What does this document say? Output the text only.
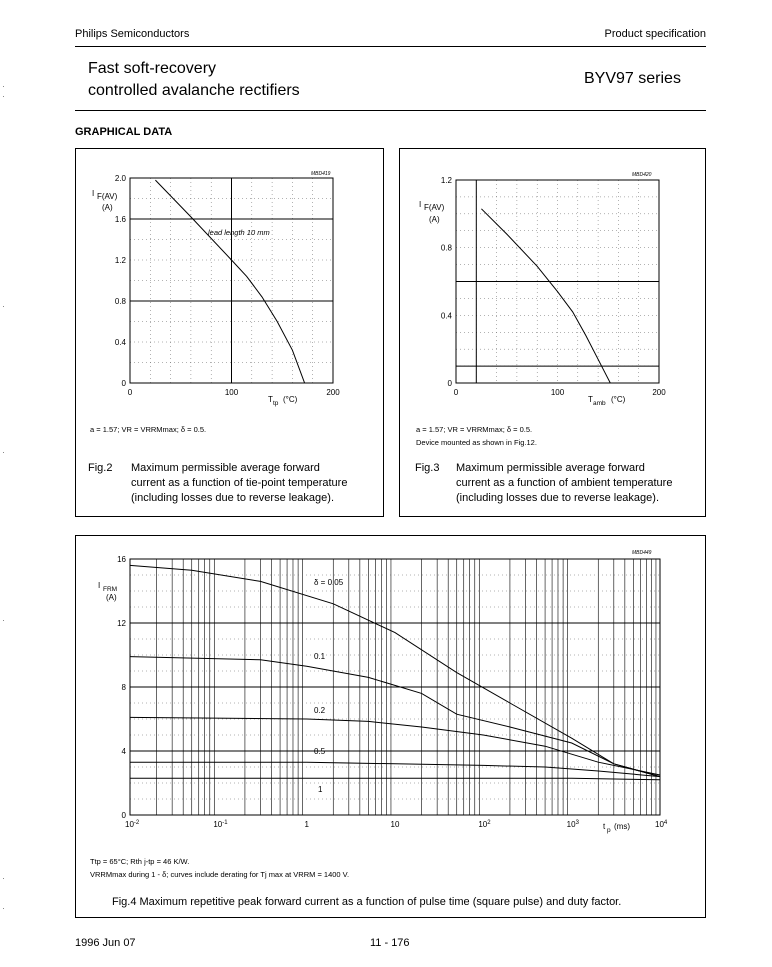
Philips Semiconductors	Product specification
Fast soft-recovery
controlled avalanche rectifiers
BYV97 series
GRAPHICAL DATA
0
0.4
0.8
1.2
1.6
2.0
0	100	200
I F(AV)
(A)
T tp (°C)
lead length 10 mm
MBD419
a = 1.57; VR = VRRMmax; δ = 0.5.
Fig.2 Maximum permissible average forward
current as a function of tie-point temperature
(including losses due to reverse leakage).
0
0.4
0.8
1.2
0	100	200
I F(AV)
(A)
T amb (°C)
MBD420
a = 1.57; VR = VRRMmax; δ = 0.5.
Device mounted as shown in Fig.12.
Fig.3 Maximum permissible average forward
current as a function of ambient temperature
(including losses due to reverse leakage).
0
4
8
12
16
$10^{-2}$	$10^{-1}$	1	10	$10^2$	$10^3$	$10^4$
δ = 0.05
0.1
0.2
0.5
1
I FRM
(A)
t p (ms)
MBD449
Ttp = 65°C; Rth j-tp = 46 K/W.
VRRMmax during 1 - δ; curves include derating for Tj max at VRRM = 1400 V.
Fig.4 Maximum repetitive peak forward current as a function of pulse time (square pulse) and duty factor.
1996 Jun 07	11 - 176
